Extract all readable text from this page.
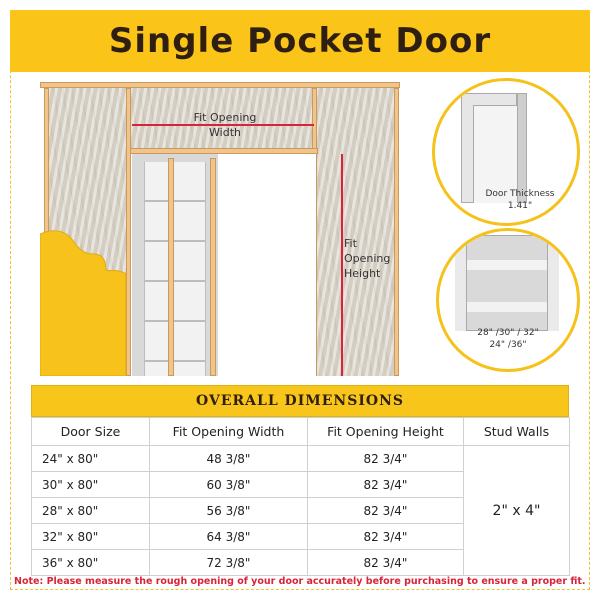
Single Pocket Door
Fit Opening
Width
Fit
Opening
Height
Door Thickness
1.41"
28" /30" / 32"
24" /36"
OVERALL DIMENSIONS
Door Size	Fit Opening Width	Fit Opening Height	Stud Walls
24" x 80"	48 3/8"	82 3/4"	2" x 4"
30" x 80"	60 3/8"	82 3/4"	
28" x 80"	56 3/8"	82 3/4"	
32" x 80"	64 3/8"	82 3/4"	
36" x 80"	72 3/8"	82 3/4"	
Note: Please measure the rough opening of your door accurately before purchasing to ensure a proper fit.
